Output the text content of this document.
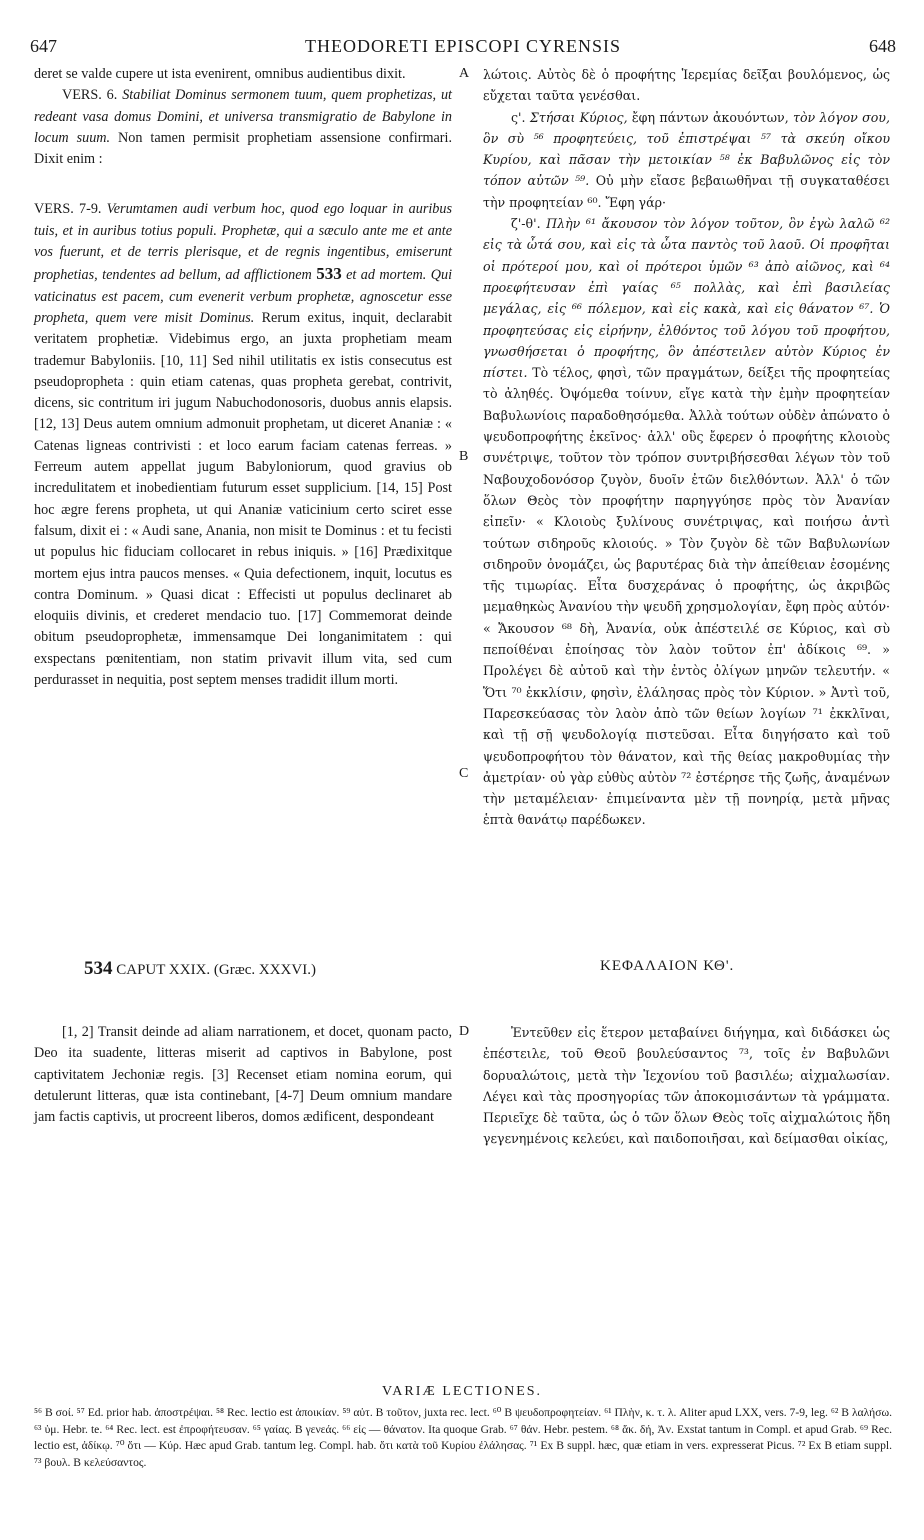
647	THEODORETI EPISCOPI CYRENSIS	648

deret se valde cupere ut ista evenirent, omnibus audientibus dixit.

VERS. 6. Stabiliat Dominus sermonem tuum, quem prophetizas, ut redeant vasa domus Domini, et universa transmigratio de Babylone in locum suum. Non tamen permisit prophetiam assensione confirmari. Dixit enim :

VERS. 7-9. Verumtamen audi verbum hoc, quod ego loquar in auribus tuis, et in auribus totius populi. Prophetæ, qui a sæculo ante me et ante vos fuerunt, et de terris plerisque, et de regnis ingentibus, emiserunt prophetias, tendentes ad bellum, ad afflictionem 533 et ad mortem. Qui vaticinatus est pacem, cum evenerit verbum prophetæ, agnoscetur esse propheta, quem vere misit Dominus. Rerum exitus, inquit, declarabit veritatem prophetiæ. Videbimus ergo, an juxta prophetiam meam trademur Babyloniis. [10, 11] Sed nihil utilitatis ex istis consecutus est pseudopropheta : quin etiam catenas, quas propheta gerebat, contrivit, dicens, sic contritum iri jugum Nabuchodonosoris, duobus annis elapsis. [12, 13] Deus autem omnium admonuit prophetam, ut diceret Ananiæ : « Catenas ligneas contrivisti : et loco earum faciam catenas ferreas. » Ferreum autem appellat jugum Babyloniorum, quod gravius ob incredulitatem et inobedientiam futurum esset supplicium. [14, 15] Post hoc ægre ferens propheta, ut qui Ananiæ vaticinium certo sciret esse falsum, dixit ei : « Audi sane, Anania, non misit te Dominus : et tu fecisti ut populus hic fiduciam collocaret in rebus iniquis. » [16] Prædixitque mortem ejus intra paucos menses. « Quia defectionem, inquit, locutus es contra Dominum. » Quasi dicat : Effecisti ut populus declinaret ab eloquiis divinis, et crederet mendacio tuo. [17] Commemorat deinde obitum pseudoprophetæ, immensamque Dei longanimitatem : qui exspectans pœnitentiam, non statim privavit illum vita, sed cum perdurasset in nequitia, post septem menses tradidit illum morti.

A
B
C
D

λώτοις. Αὐτὸς δὲ ὁ προφήτης Ἱερεμίας δεῖξαι βουλόμενος, ὡς εὔχεται ταῦτα γενέσθαι.

ς'. Στήσαι Κύριος, ἔφη πάντων ἀκουόντων, τὸν λόγον σου, ὃν σὺ ⁵⁶ προφητεύεις, τοῦ ἐπιστρέψαι ⁵⁷ τὰ σκεύη οἴκου Κυρίου, καὶ πᾶσαν τὴν μετοικίαν ⁵⁸ ἐκ Βαβυλῶνος εἰς τὸν τόπον αὐτῶν ⁵⁹. Οὐ μὴν εἴασε βεβαιωθῆναι τῇ συγκαταθέσει τὴν προφητείαν ⁶⁰. Ἔφη γάρ·

ζ'-θ'. Πλὴν ⁶¹ ἄκουσον τὸν λόγον τοῦτον, ὃν ἐγὼ λαλῶ ⁶² εἰς τὰ ὦτά σου, καὶ εἰς τὰ ὦτα παντὸς τοῦ λαοῦ. Οἱ προφῆται οἱ πρότεροί μου, καὶ οἱ πρότεροι ὑμῶν ⁶³ ἀπὸ αἰῶνος, καὶ ⁶⁴ προεφήτευσαν ἐπὶ γαίας ⁶⁵ πολλὰς, καὶ ἐπὶ βασιλείας μεγάλας, εἰς ⁶⁶ πόλεμον, καὶ εἰς κακὰ, καὶ εἰς θάνατον ⁶⁷. Ὁ προφητεύσας εἰς εἰρήνην, ἐλθόντος τοῦ λόγου τοῦ προφήτου, γνωσθήσεται ὁ προφήτης, ὃν ἀπέστειλεν αὐτὸν Κύριος ἐν πίστει. Τὸ τέλος, φησὶ, τῶν πραγμάτων, δείξει τῆς προφητείας τὸ ἀληθές. Ὀψόμεθα τοίνυν, εἴγε κατὰ τὴν ἐμὴν προφητείαν Βαβυλωνίοις παραδοθησόμεθα. Ἀλλὰ τούτων οὐδὲν ἀπώνατο ὁ ψευδοπροφήτης ἐκεῖνος· ἀλλ' οὓς ἔφερεν ὁ προφήτης κλοιοὺς συνέτριψε, τοῦτον τὸν τρόπον συντριβήσεσθαι λέγων τὸν τοῦ Ναβουχοδονόσορ ζυγὸν, δυοῖν ἐτῶν διελθόντων. Ἀλλ' ὁ τῶν ὅλων Θεὸς τὸν προφήτην παρηγγύησε πρὸς τὸν Ἀνανίαν εἰπεῖν· « Κλοιοὺς ξυλίνους συνέτριψας, καὶ ποιήσω ἀντὶ τούτων σιδηροῦς κλοιούς. » Τὸν ζυγὸν δὲ τῶν Βαβυλωνίων σιδηροῦν ὀνομάζει, ὡς βαρυτέρας διὰ τὴν ἀπείθειαν ἐσομένης τῆς τιμωρίας. Εἶτα δυσχεράνας ὁ προφήτης, ὡς ἀκριβῶς μεμαθηκὼς Ἀνανίου τὴν ψευδῆ χρησμολογίαν, ἔφη πρὸς αὐτόν· « Ἄκουσον ⁶⁸ δὴ, Ἀνανία, οὐκ ἀπέστειλέ σε Κύριος, καὶ σὺ πεποίθέναι ἐποίησας τὸν λαὸν τοῦτον ἐπ' ἀδίκοις ⁶⁹. » Προλέγει δὲ αὐτοῦ καὶ τὴν ἐντὸς ὀλίγων μηνῶν τελευτήν. « Ὅτι ⁷⁰ ἐκκλίσιν, φησὶν, ἐλάλησας πρὸς τὸν Κύριον. » Ἀντὶ τοῦ, Παρεσκεύασας τὸν λαὸν ἀπὸ τῶν θείων λογίων ⁷¹ ἐκκλῖναι, καὶ τῇ σῇ ψευδολογίᾳ πιστεῦσαι. Εἶτα διηγήσατο καὶ τοῦ ψευδοπροφήτου τὸν θάνατον, καὶ τῆς θείας μακροθυμίας τὴν ἀμετρίαν· οὐ γὰρ εὐθὺς αὐτὸν ⁷² ἐστέρησε τῆς ζωῆς, ἀναμένων τὴν μεταμέλειαν· ἐπιμείναντα μὲν τῇ πονηρίᾳ, μετὰ μῆνας ἑπτὰ θανάτῳ παρέδωκεν.

534 CAPUT XXIX. (Græc. XXXVI.)	ΚΕΦΑΛΑΙΟΝ ΚΘ'.

[1, 2] Transit deinde ad aliam narrationem, et docet, quonam pacto, Deo ita suadente, litteras miserit ad captivos in Babylone, post captivitatem Jechoniæ regis. [3] Recenset etiam nomina eorum, qui detulerunt litteras, quæ ista continebant, [4-7] Deum omnium mandare jam factis captivis, ut procreent liberos, domos ædificent, despondeant

Ἐντεῦθεν εἰς ἕτερον μεταβαίνει διήγημα, καὶ διδάσκει ὡς ἐπέστειλε, τοῦ Θεοῦ βουλεύσαντος ⁷³, τοῖς ἐν Βαβυλῶνι δορυαλώτοις, μετὰ τὴν Ἰεχονίου τοῦ βασιλέω; αἰχμαλωσίαν. Λέγει καὶ τὰς προσηγορίας τῶν ἀποκομισάντων τὰ γράμματα. Περιεῖχε δὲ ταῦτα, ὡς ὁ τῶν ὅλων Θεὸς τοῖς αἰχμαλώτοις ἤδη γεγενημένοις κελεύει, καὶ παιδοποιῆσαι, καὶ δείμασθαι οἰκίας,

VARIÆ LECTIONES.
⁵⁶ B σοί. ⁵⁷ Ed. prior hab. ἀποστρέψαι. ⁵⁸ Rec. lectio est ἀποικίαν. ⁵⁹ αὐτ. B τοῦτον, juxta rec. lect. ⁶⁰ B ψευδοπροφητείαν. ⁶¹ Πλὴν, κ. τ. λ. Aliter apud LXX, vers. 7-9, leg. ⁶² B λαλήσω. ⁶³ ὑμ. Hebr. te. ⁶⁴ Rec. lect. est ἐπροφήτευσαν. ⁶⁵ γαίας. B γενεάς. ⁶⁶ εἰς — θάνατον. Ita quoque Grab. ⁶⁷ θάν. Hebr. pestem. ⁶⁸ ἄκ. δή, Ἀν. Exstat tantum in Compl. et apud Grab. ⁶⁹ Rec. lectio est, ἀδίκῳ. ⁷⁰ ὅτι — Κύρ. Hæc apud Grab. tantum leg. Compl. hab. ὅτι κατὰ τοῦ Κυρίου ἐλάλησας. ⁷¹ Ex B suppl. hæc, quæ etiam in vers. expresserat Picus. ⁷² Ex B etiam suppl. ⁷³ βουλ. B κελεύσαντος.
